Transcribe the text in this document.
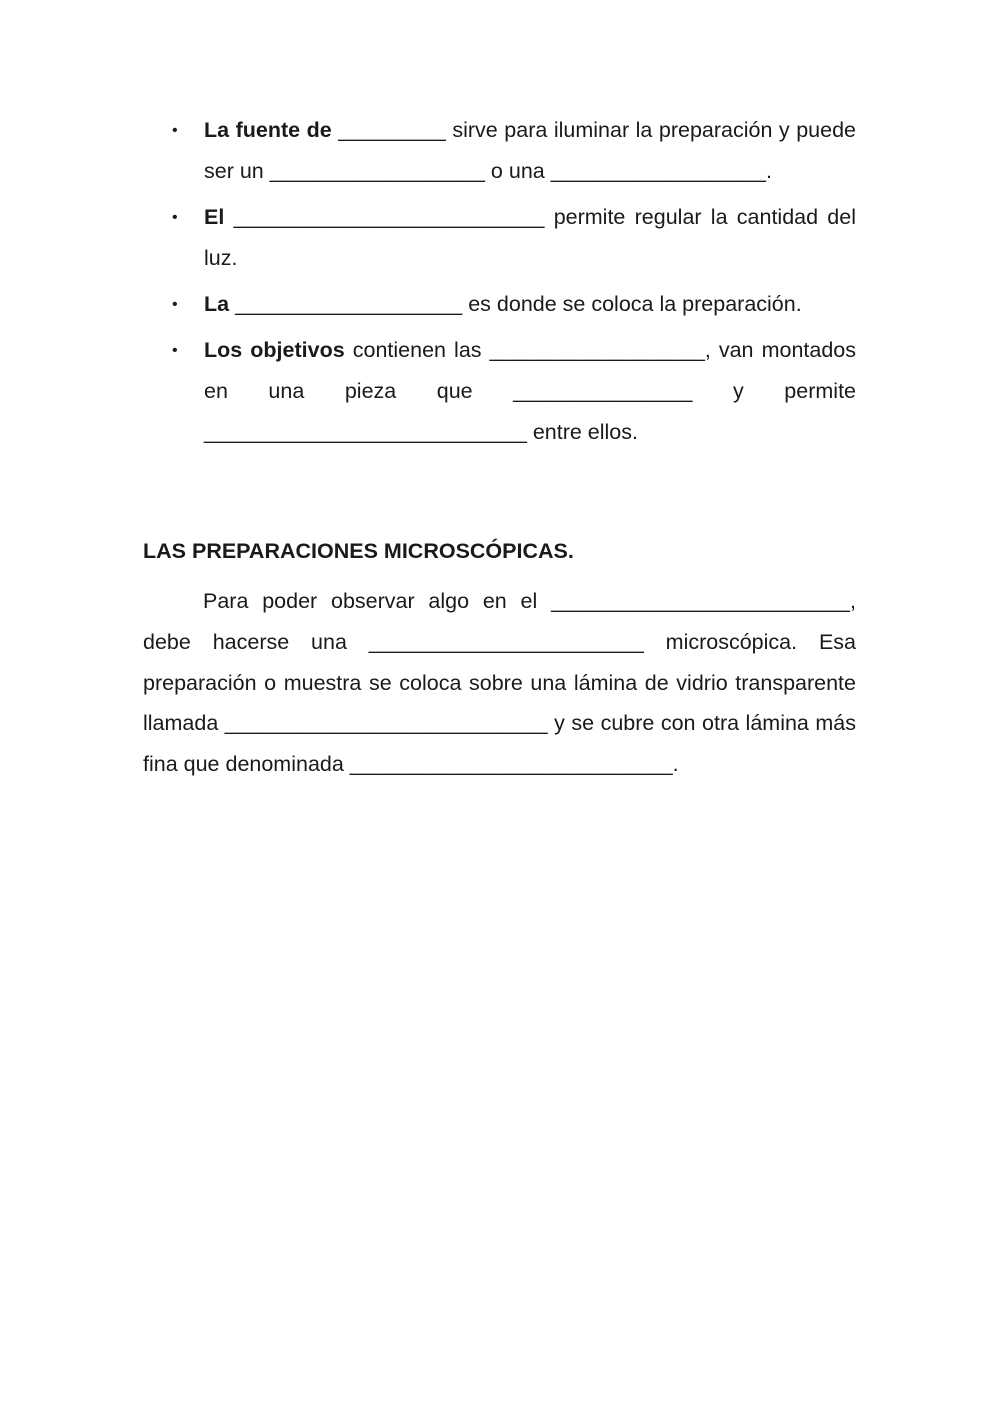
• La fuente de _________ sirve para iluminar la preparación y puede ser un __________________ o una __________________.
• El __________________________ permite regular la cantidad del luz.
• La ___________________ es donde se coloca la preparación.
• Los objetivos contienen las __________________, van montados en una pieza que _______________ y permite ___________________________ entre ellos.
LAS PREPARACIONES MICROSCÓPICAS.

Para poder observar algo en el _________________________, debe hacerse una _______________________ microscópica. Esa preparación o muestra se coloca sobre una lámina de vidrio transparente llamada ___________________________ y se cubre con otra lámina más fina que denominada ___________________________.
